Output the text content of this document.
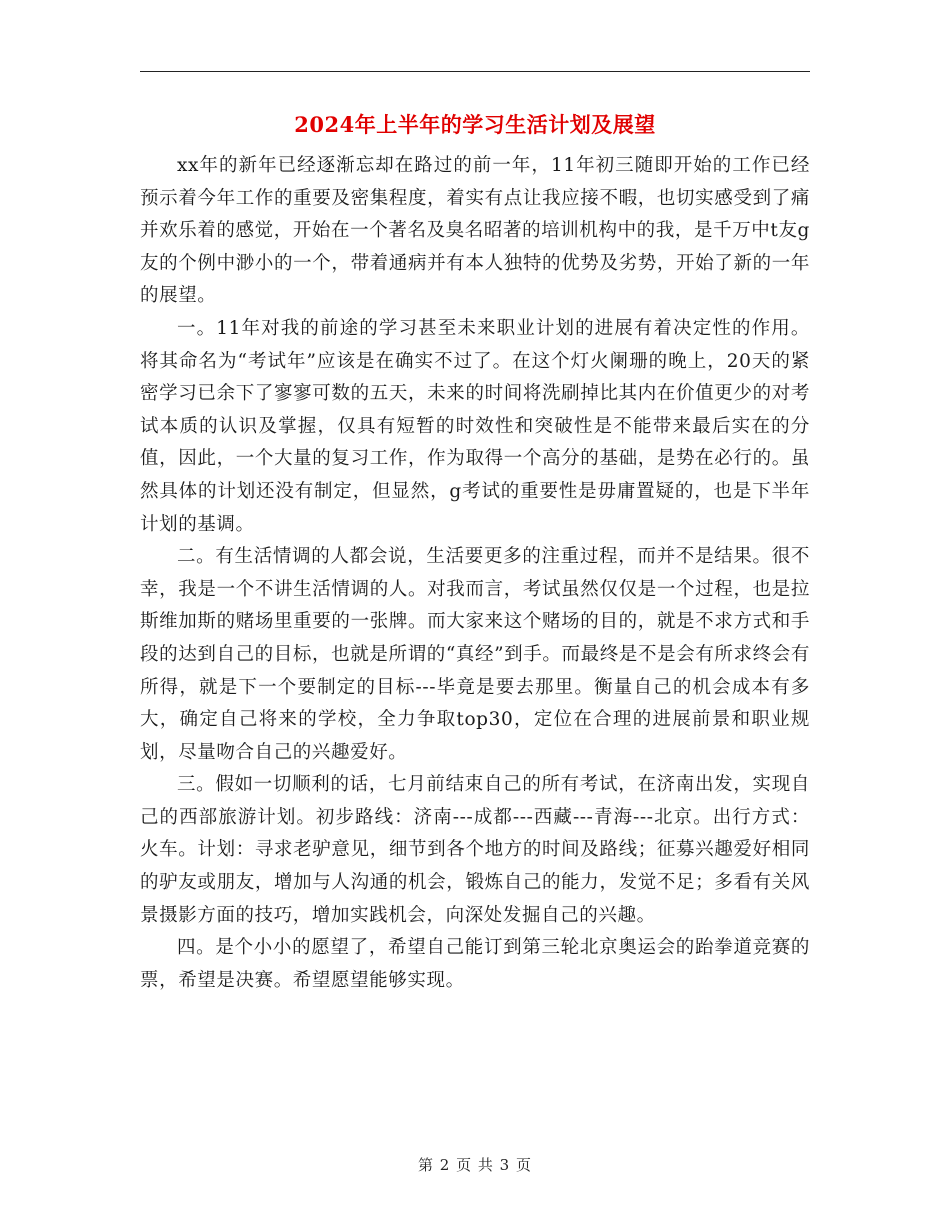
2024年上半年的学习生活计划及展望

xx年的新年已经逐渐忘却在路过的前一年，11年初三随即开始的工作已经预示着今年工作的重要及密集程度，着实有点让我应接不暇，也切实感受到了痛并欢乐着的感觉，开始在一个著名及臭名昭著的培训机构中的我，是千万中t友g友的个例中渺小的一个，带着通病并有本人独特的优势及劣势，开始了新的一年的展望。

一。11年对我的前途的学习甚至未来职业计划的进展有着决定性的作用。将其命名为“考试年”应该是在确实不过了。在这个灯火阑珊的晚上，20天的紧密学习已余下了寥寥可数的五天，未来的时间将洗刷掉比其内在价值更少的对考试本质的认识及掌握，仅具有短暂的时效性和突破性是不能带来最后实在的分值，因此，一个大量的复习工作，作为取得一个高分的基础，是势在必行的。虽然具体的计划还没有制定，但显然，g考试的重要性是毋庸置疑的，也是下半年计划的基调。

二。有生活情调的人都会说，生活要更多的注重过程，而并不是结果。很不幸，我是一个不讲生活情调的人。对我而言，考试虽然仅仅是一个过程，也是拉斯维加斯的赌场里重要的一张牌。而大家来这个赌场的目的，就是不求方式和手段的达到自己的目标，也就是所谓的“真经”到手。而最终是不是会有所求终会有所得，就是下一个要制定的目标---毕竟是要去那里。衡量自己的机会成本有多大，确定自己将来的学校，全力争取top30，定位在合理的进展前景和职业规划，尽量吻合自己的兴趣爱好。

三。假如一切顺利的话，七月前结束自己的所有考试，在济南出发，实现自己的西部旅游计划。初步路线：济南---成都---西藏---青海---北京。出行方式：火车。计划：寻求老驴意见，细节到各个地方的时间及路线；征募兴趣爱好相同的驴友或朋友，增加与人沟通的机会，锻炼自己的能力，发觉不足；多看有关风景摄影方面的技巧，增加实践机会，向深处发掘自己的兴趣。

四。是个小小的愿望了，希望自己能订到第三轮北京奥运会的跆拳道竞赛的票，希望是决赛。希望愿望能够实现。

第 2 页 共 3 页
